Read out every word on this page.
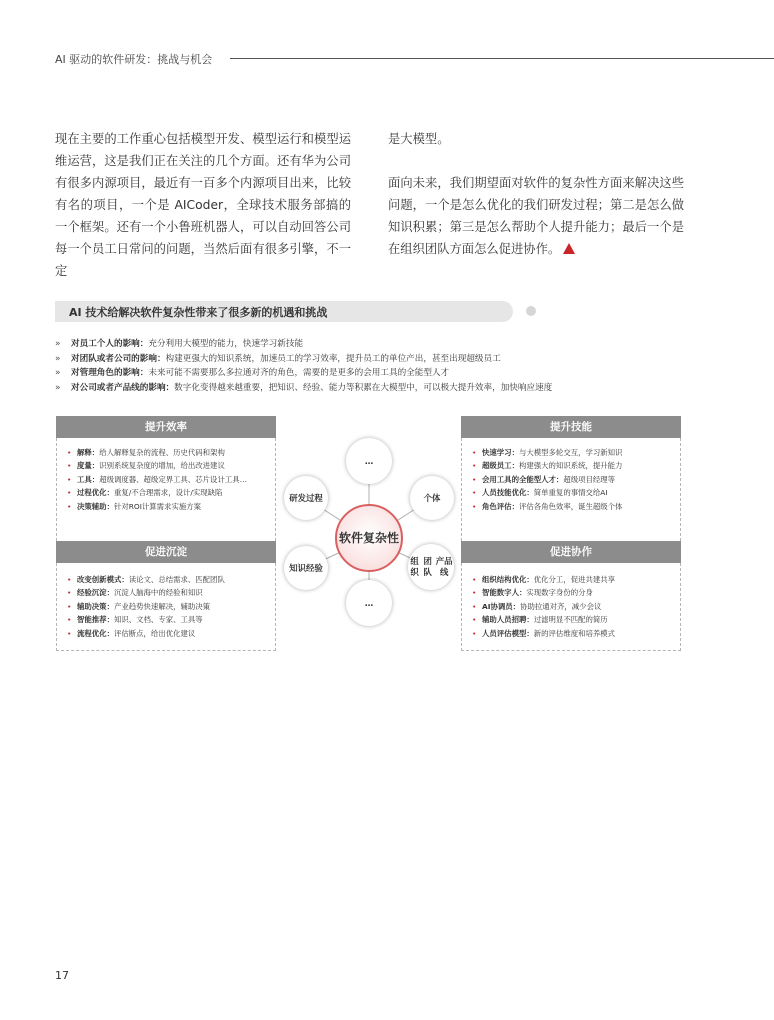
AI 驱动的软件研发：挑战与机会

现在主要的工作重心包括模型开发、模型运行和模型运维运营，这是我们正在关注的几个方面。还有华为公司有很多内源项目，最近有一百多个内源项目出来，比较有名的项目，一个是 AICoder，全球技术服务部搞的一个框架。还有一个小鲁班机器人，可以自动回答公司每一个员工日常问的问题，当然后面有很多引擎，不一定

是大模型。

面向未来，我们期望面对软件的复杂性方面来解决这些问题，一个是怎么优化的我们研发过程；第二是怎么做知识积累；第三是怎么帮助个人提升能力；最后一个是在组织团队方面怎么促进协作。

AI 技术给解决软件复杂性带来了很多新的机遇和挑战
» 对员工个人的影响：充分利用大模型的能力，快速学习新技能
» 对团队或者公司的影响：构建更强大的知识系统，加速员工的学习效率，提升员工的单位产出，甚至出现超级员工
» 对管理角色的影响：未来可能不需要那么多拉通对齐的角色，需要的是更多的会用工具的全能型人才
» 对公司或者产品线的影响：数字化变得越来越重要，把知识、经验、能力等积累在大模型中，可以极大提升效率，加快响应速度
提升效率
• 解释：给人解释复杂的流程、历史代码和架构
• 度量：识别系统复杂度的增加，给出改进建议
• 工具：超级调度器、超级定界工具、芯片设计工具…
• 过程优化：重复/不合理需求，设计/实现缺陷
• 决策辅助：针对ROI计算需求实施方案
提升技能
• 快速学习：与大模型多轮交互，学习新知识
• 超级员工：构建强大的知识系统，提升能力
• 会用工具的全能型人才：超级项目经理等
• 人员技能优化：简单重复的事情交给AI
• 角色评估：评估各角色效率，诞生超级个体
促进沉淀
• 改变创新模式：读论文、总结需求、匹配团队
• 经验沉淀：沉淀人脑海中的经验和知识
• 辅助决策：产业趋势快速解决，辅助决策
• 智能推荐：知识、文档、专家、工具等
• 流程优化：评估断点，给出优化建议
促进协作
• 组织结构优化：优化分工，促进共建共享
• 智能数字人：实现数字身份的分身
• AI协调员：协助拉通对齐，减少会议
• 辅助人员招聘：过滤明显不匹配的简历
• 人员评估模型：新的评估维度和培养模式
…
研发 过程	个体
知识 经验
组织

团队

产品线
…
软件 复杂性
17
